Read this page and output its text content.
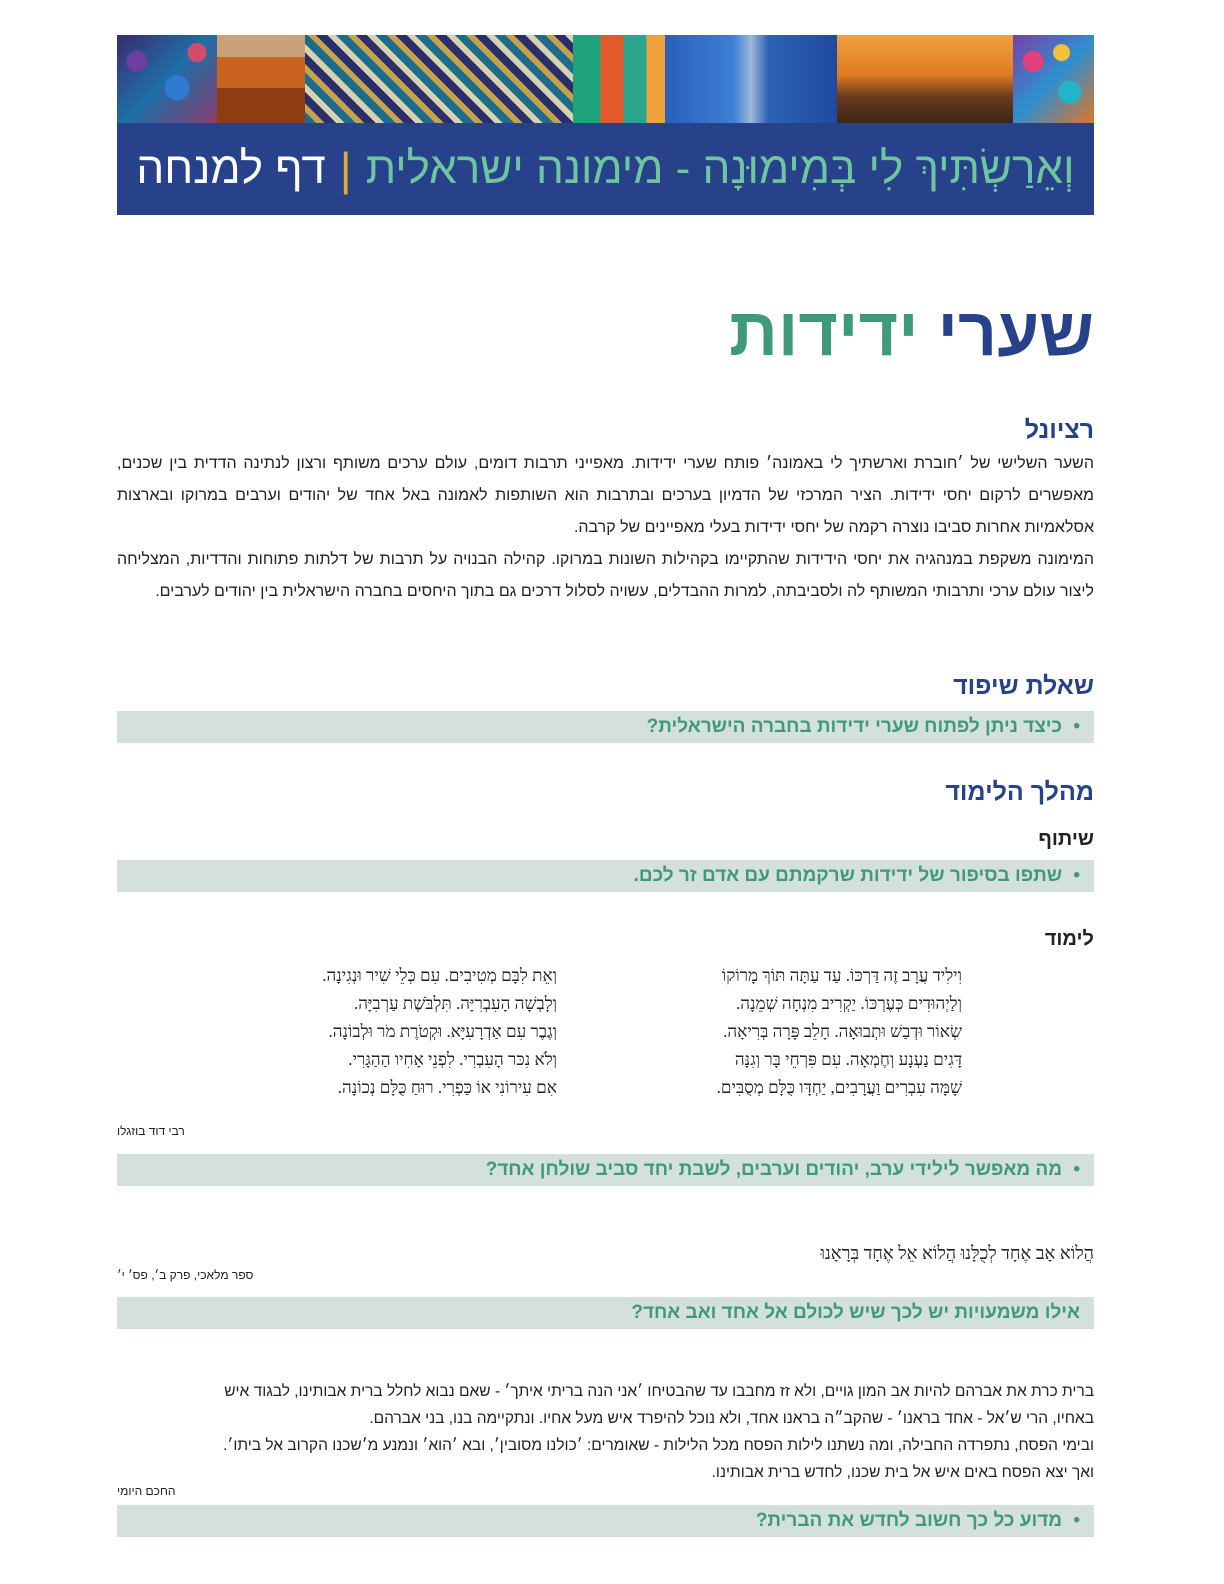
וְאֵרַשְׂתִּיךְ לִי בְּמִימוּנָה - מימונה ישראלית
|
דף למנחה
שערי ידידות
רציונל
השער השלישי של ׳חוברת וארשתיך לי באמונה׳ פותח שערי ידידות. מאפייני תרבות דומים, עולם ערכים משותף ורצון לנתינה הדדית בין שכנים, מאפשרים לרקום יחסי ידידות. הציר המרכזי של הדמיון בערכים ובתרבות הוא השותפות לאמונה באל אחד של יהודים וערבים במרוקו ובארצות אסלאמיות אחרות סביבו נוצרה רקמה של יחסי ידידות בעלי מאפיינים של קרבה.
המימונה משקפת במנהגיה את יחסי הידידות שהתקיימו בקהילות השונות במרוקו. קהילה הבנויה על תרבות של דלתות פתוחות והדדיות, המצליחה ליצור עולם ערכי ותרבותי המשותף לה ולסביבתה, למרות ההבדלים, עשויה לסלול דרכים גם בתוך היחסים בחברה הישראלית בין יהודים לערבים.
שאלת שיפוד
• כיצד ניתן לפתוח שערי ידידות בחברה הישראלית?
מהלך הלימוד
שיתוף
• שתפו בסיפור של ידידות שרקמתם עם אדם זר לכם.
לימוד
וִילִיד עֲרָב זֶה דַּרְכּוֹ. עַד עַתָּה תּוֹךְ מָרוֹקוֹ
וְלַיְהוּדִים כְּעֶרְכּוֹ. יַקְרִיב מִנְחָה שְׁמֵנָה.
שְׂאוֹר וּדְבַשׁ וּתְבוּאָה. חָלֵב פָּרָה בְּרִיאָה.
דָּגִים נַעְנָע וְחֶמְאָה. עִם פִּרְחֵי בָּר וְגִנָּה
שָׁמָּה עִבְרִים וַעֲרָבִים, יַחְדָּו כֻּלָּם מְסֻבִּים.
וְאֵת לִבָּם מְטִיבִים. עִם כְּלֵי שִׁיר וּנְגִינָה.
וְלָבְשָׁה הָעִבְרִיָּה. תִּלְבֹּשֶׁת עַרְבִיָּה.
וְגֶבֶר עִם אַדְרָעִיָּא. וּקְטֹרֶת מֹר וּלְבוֹנָה.
וְלֹא נִכּר הָעִבְרִי. לִפְנֵי אָחִיו הַהַגָּרִי.
אִם עִירוֹנִי אוֹ כַּפְרִי. רוּחַ כֻּלָּם נְכוֹנָה.
רבי דוד בוזגלו
• מה מאפשר לילידי ערב, יהודים וערבים, לשבת יחד סביב שולחן אחד?
הֲלוֹא אָב אֶחָד לְכֻלָּנוּ הֲלוֹא אֵל אֶחָד בְּרָאָנוּ
ספר מלאכי, פרק ב׳, פס׳ י׳
אילו משמעויות יש לכך שיש לכולם אל אחד ואב אחד?
ברית כרת את אברהם להיות אב המון גויים, ולא זז מחבבו עד שהבטיחו ׳אני הנה בריתי איתך׳ - שאם נבוא לחלל ברית אבותינו, לבגוד איש
באחיו, הרי ש׳אל - אחד בראנו׳ - שהקב״ה בראנו אחד, ולא נוכל להיפרד איש מעל אחיו. ונתקיימה בנו, בני אברהם.
ובימי הפסח, נתפרדה החבילה, ומה נשתנו לילות הפסח מכל הלילות - שאומרים: ׳כולנו מסובין׳, ובא ׳הוא׳ ונמנע מ׳שכנו הקרוב אל ביתו׳.
ואך יצא הפסח באים איש אל בית שכנו, לחדש ברית אבותינו.
החכם היומי
• מדוע כל כך חשוב לחדש את הברית?
